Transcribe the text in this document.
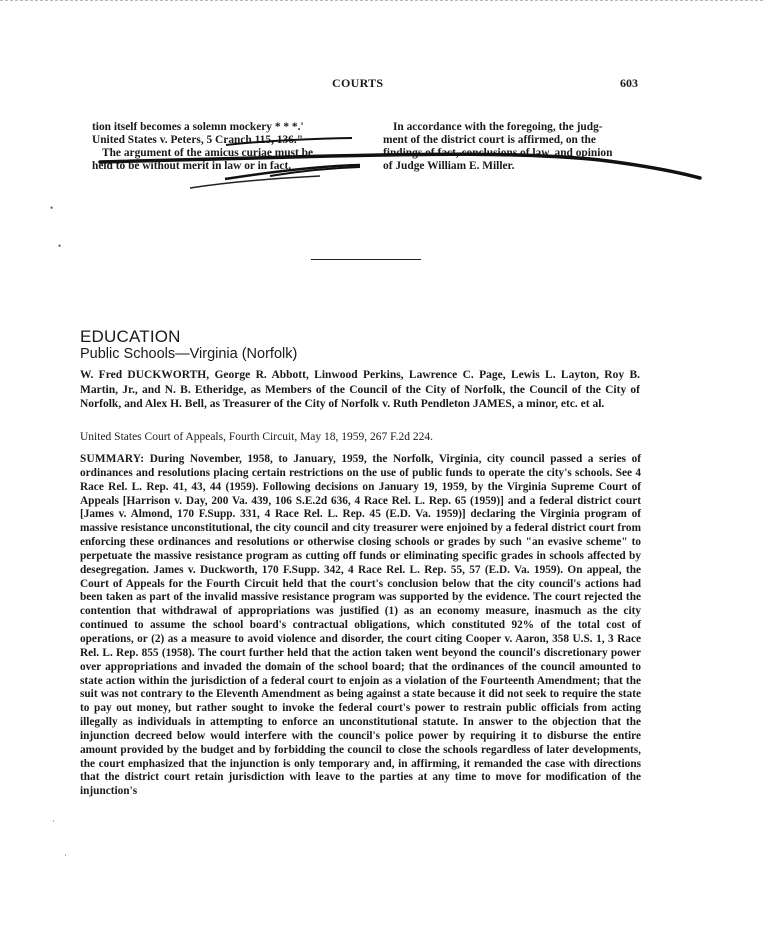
COURTS	603

tion itself becomes a solemn mockery * * *.'

United States v. Peters, 5 Cranch 115, 136."

The argument of the amicus curiae must be

held to be without merit in law or in fact.

In accordance with the foregoing, the judg-

ment of the district court is affirmed, on the

findings of fact, conclusions of law, and opinion

of Judge William E. Miller.

EDUCATION
Public Schools—Virginia (Norfolk)
W. Fred DUCKWORTH, George R. Abbott, Linwood Perkins, Lawrence C. Page, Lewis L. Layton, Roy B. Martin, Jr., and N. B. Etheridge, as Members of the Council of the City of Norfolk, the Council of the City of Norfolk, and Alex H. Bell, as Treasurer of the City of Norfolk v. Ruth Pendleton JAMES, a minor, etc. et al.
United States Court of Appeals, Fourth Circuit, May 18, 1959, 267 F.2d 224.
SUMMARY: During November, 1958, to January, 1959, the Norfolk, Virginia, city council passed a series of ordinances and resolutions placing certain restrictions on the use of public funds to operate the city's schools. See 4 Race Rel. L. Rep. 41, 43, 44 (1959). Following decisions on January 19, 1959, by the Virginia Supreme Court of Appeals [Harrison v. Day, 200 Va. 439, 106 S.E.2d 636, 4 Race Rel. L. Rep. 65 (1959)] and a federal district court [James v. Almond, 170 F.Supp. 331, 4 Race Rel. L. Rep. 45 (E.D. Va. 1959)] declaring the Virginia program of massive resistance unconstitutional, the city council and city treasurer were enjoined by a federal district court from enforcing these ordinances and resolutions or otherwise closing schools or grades by such "an evasive scheme" to perpetuate the massive resistance program as cutting off funds or eliminating specific grades in schools affected by desegregation. James v. Duckworth, 170 F.Supp. 342, 4 Race Rel. L. Rep. 55, 57 (E.D. Va. 1959). On appeal, the Court of Appeals for the Fourth Circuit held that the court's conclusion below that the city council's actions had been taken as part of the invalid massive resistance program was supported by the evidence. The court rejected the contention that withdrawal of appropriations was justified (1) as an economy measure, inasmuch as the city continued to assume the school board's contractual obligations, which constituted 92% of the total cost of operations, or (2) as a measure to avoid violence and disorder, the court citing Cooper v. Aaron, 358 U.S. 1, 3 Race Rel. L. Rep. 855 (1958). The court further held that the action taken went beyond the council's discretionary power over appropriations and invaded the domain of the school board; that the ordinances of the council amounted to state action within the jurisdiction of a federal court to enjoin as a violation of the Fourteenth Amendment; that the suit was not contrary to the Eleventh Amendment as being against a state because it did not seek to require the state to pay out money, but rather sought to invoke the federal court's power to restrain public officials from acting illegally as individuals in attempting to enforce an unconstitutional statute. In answer to the objection that the injunction decreed below would interfere with the council's police power by requiring it to disburse the entire amount provided by the budget and by forbidding the council to close the schools regardless of later developments, the court emphasized that the injunction is only temporary and, in affirming, it remanded the case with directions that the district court retain jurisdiction with leave to the parties at any time to move for modification of the injunction's
•
•
·
·
